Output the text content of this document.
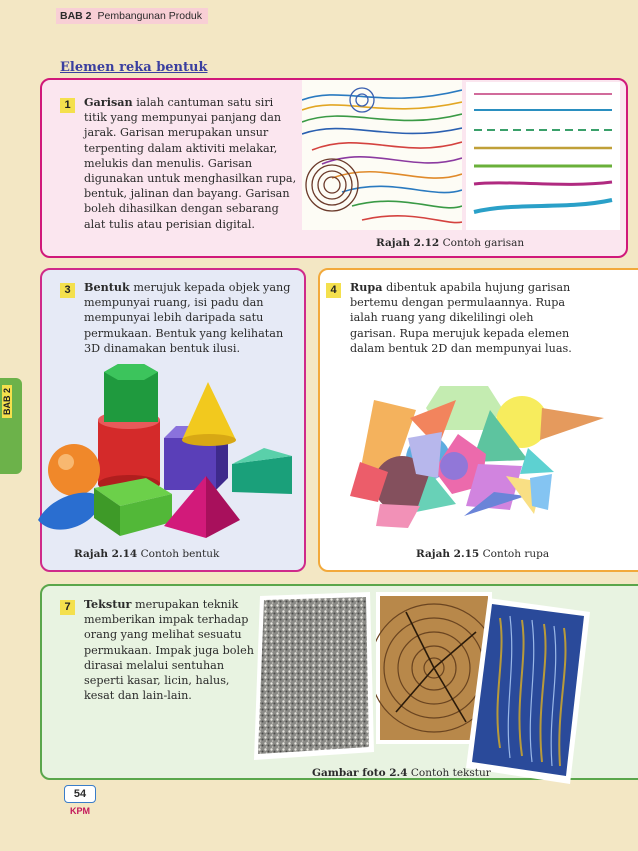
BAB 2 Pembangunan Produk
Elemen reka bentuk
BAB 2
1	Garisan ialah cantuman satu siri titik yang mempunyai panjang dan jarak. Garisan merupakan unsur terpenting dalam aktiviti melakar, melukis dan menulis. Garisan digunakan untuk menghasilkan rupa, bentuk, jalinan dan bayang. Garisan boleh dihasilkan dengan sebarang alat tulis atau perisian digital.
Rajah 2.12 Contoh garisan
3	Bentuk merujuk kepada objek yang mempunyai ruang, isi padu dan mempunyai lebih daripada satu permukaan. Bentuk yang kelihatan 3D dinamakan bentuk ilusi.
Rajah 2.14 Contoh bentuk
4	Rupa dibentuk apabila hujung garisan bertemu dengan permulaannya. Rupa ialah ruang yang dikelilingi oleh garisan. Rupa merujuk kepada elemen dalam bentuk 2D dan mempunyai luas.
Rajah 2.15 Contoh rupa
7	Tekstur merupakan teknik memberikan impak terhadap orang yang melihat sesuatu permukaan. Impak juga boleh dirasai melalui sentuhan seperti kasar, licin, halus, kesat dan lain-lain.
Gambar foto 2.4 Contoh tekstur
54
KPM
